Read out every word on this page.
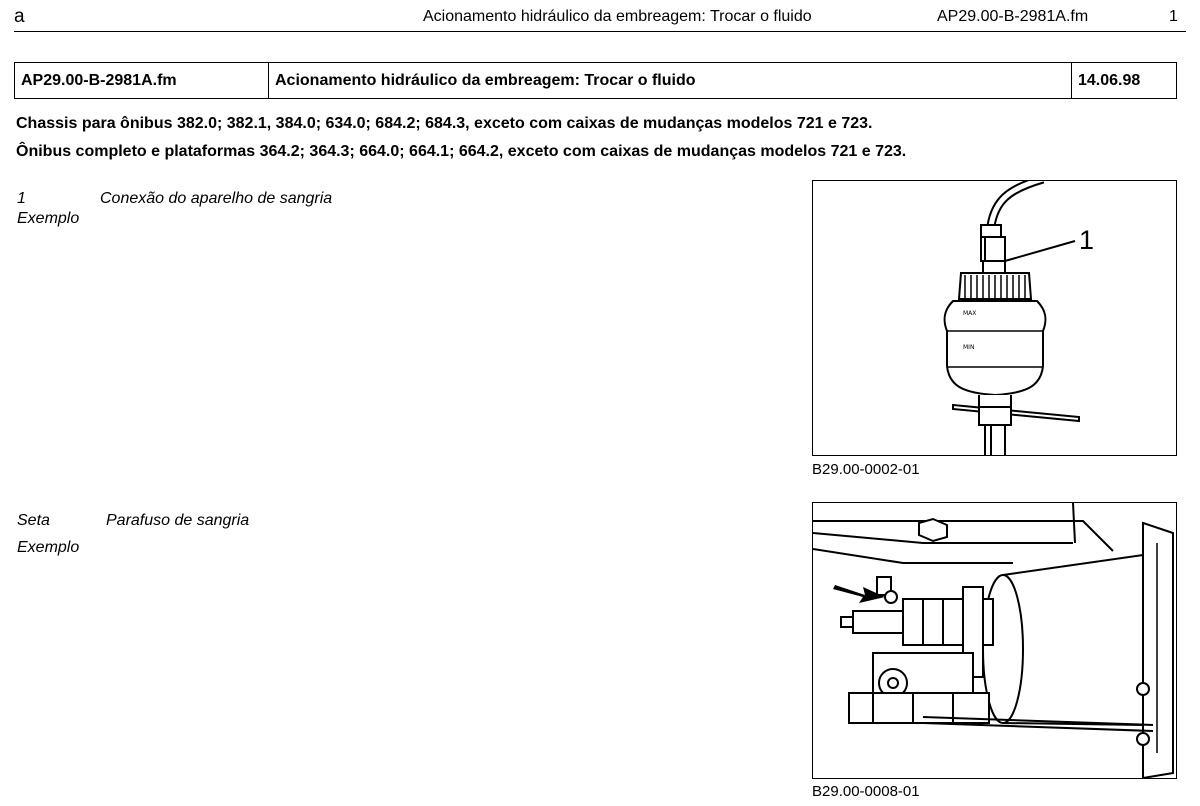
a	Acionamento hidráulico da embreagem: Trocar o fluido	AP29.00-B-2981A.fm	1
AP29.00-B-2981A.fm	Acionamento hidráulico da embreagem: Trocar o fluido	14.06.98
Chassis para ônibus 382.0; 382.1, 384.0; 634.0; 684.2; 684.3, exceto com caixas de mudanças modelos 721 e 723.
Ônibus completo e plataformas 364.2; 364.3; 664.0; 664.1; 664.2, exceto com caixas de mudanças modelos 721 e 723.
1	Conexão do aparelho de sangria
Exemplo
MAX
MIN
1
B29.00-0002-01
Seta	Parafuso de sangria
Exemplo
B29.00-0008-01
